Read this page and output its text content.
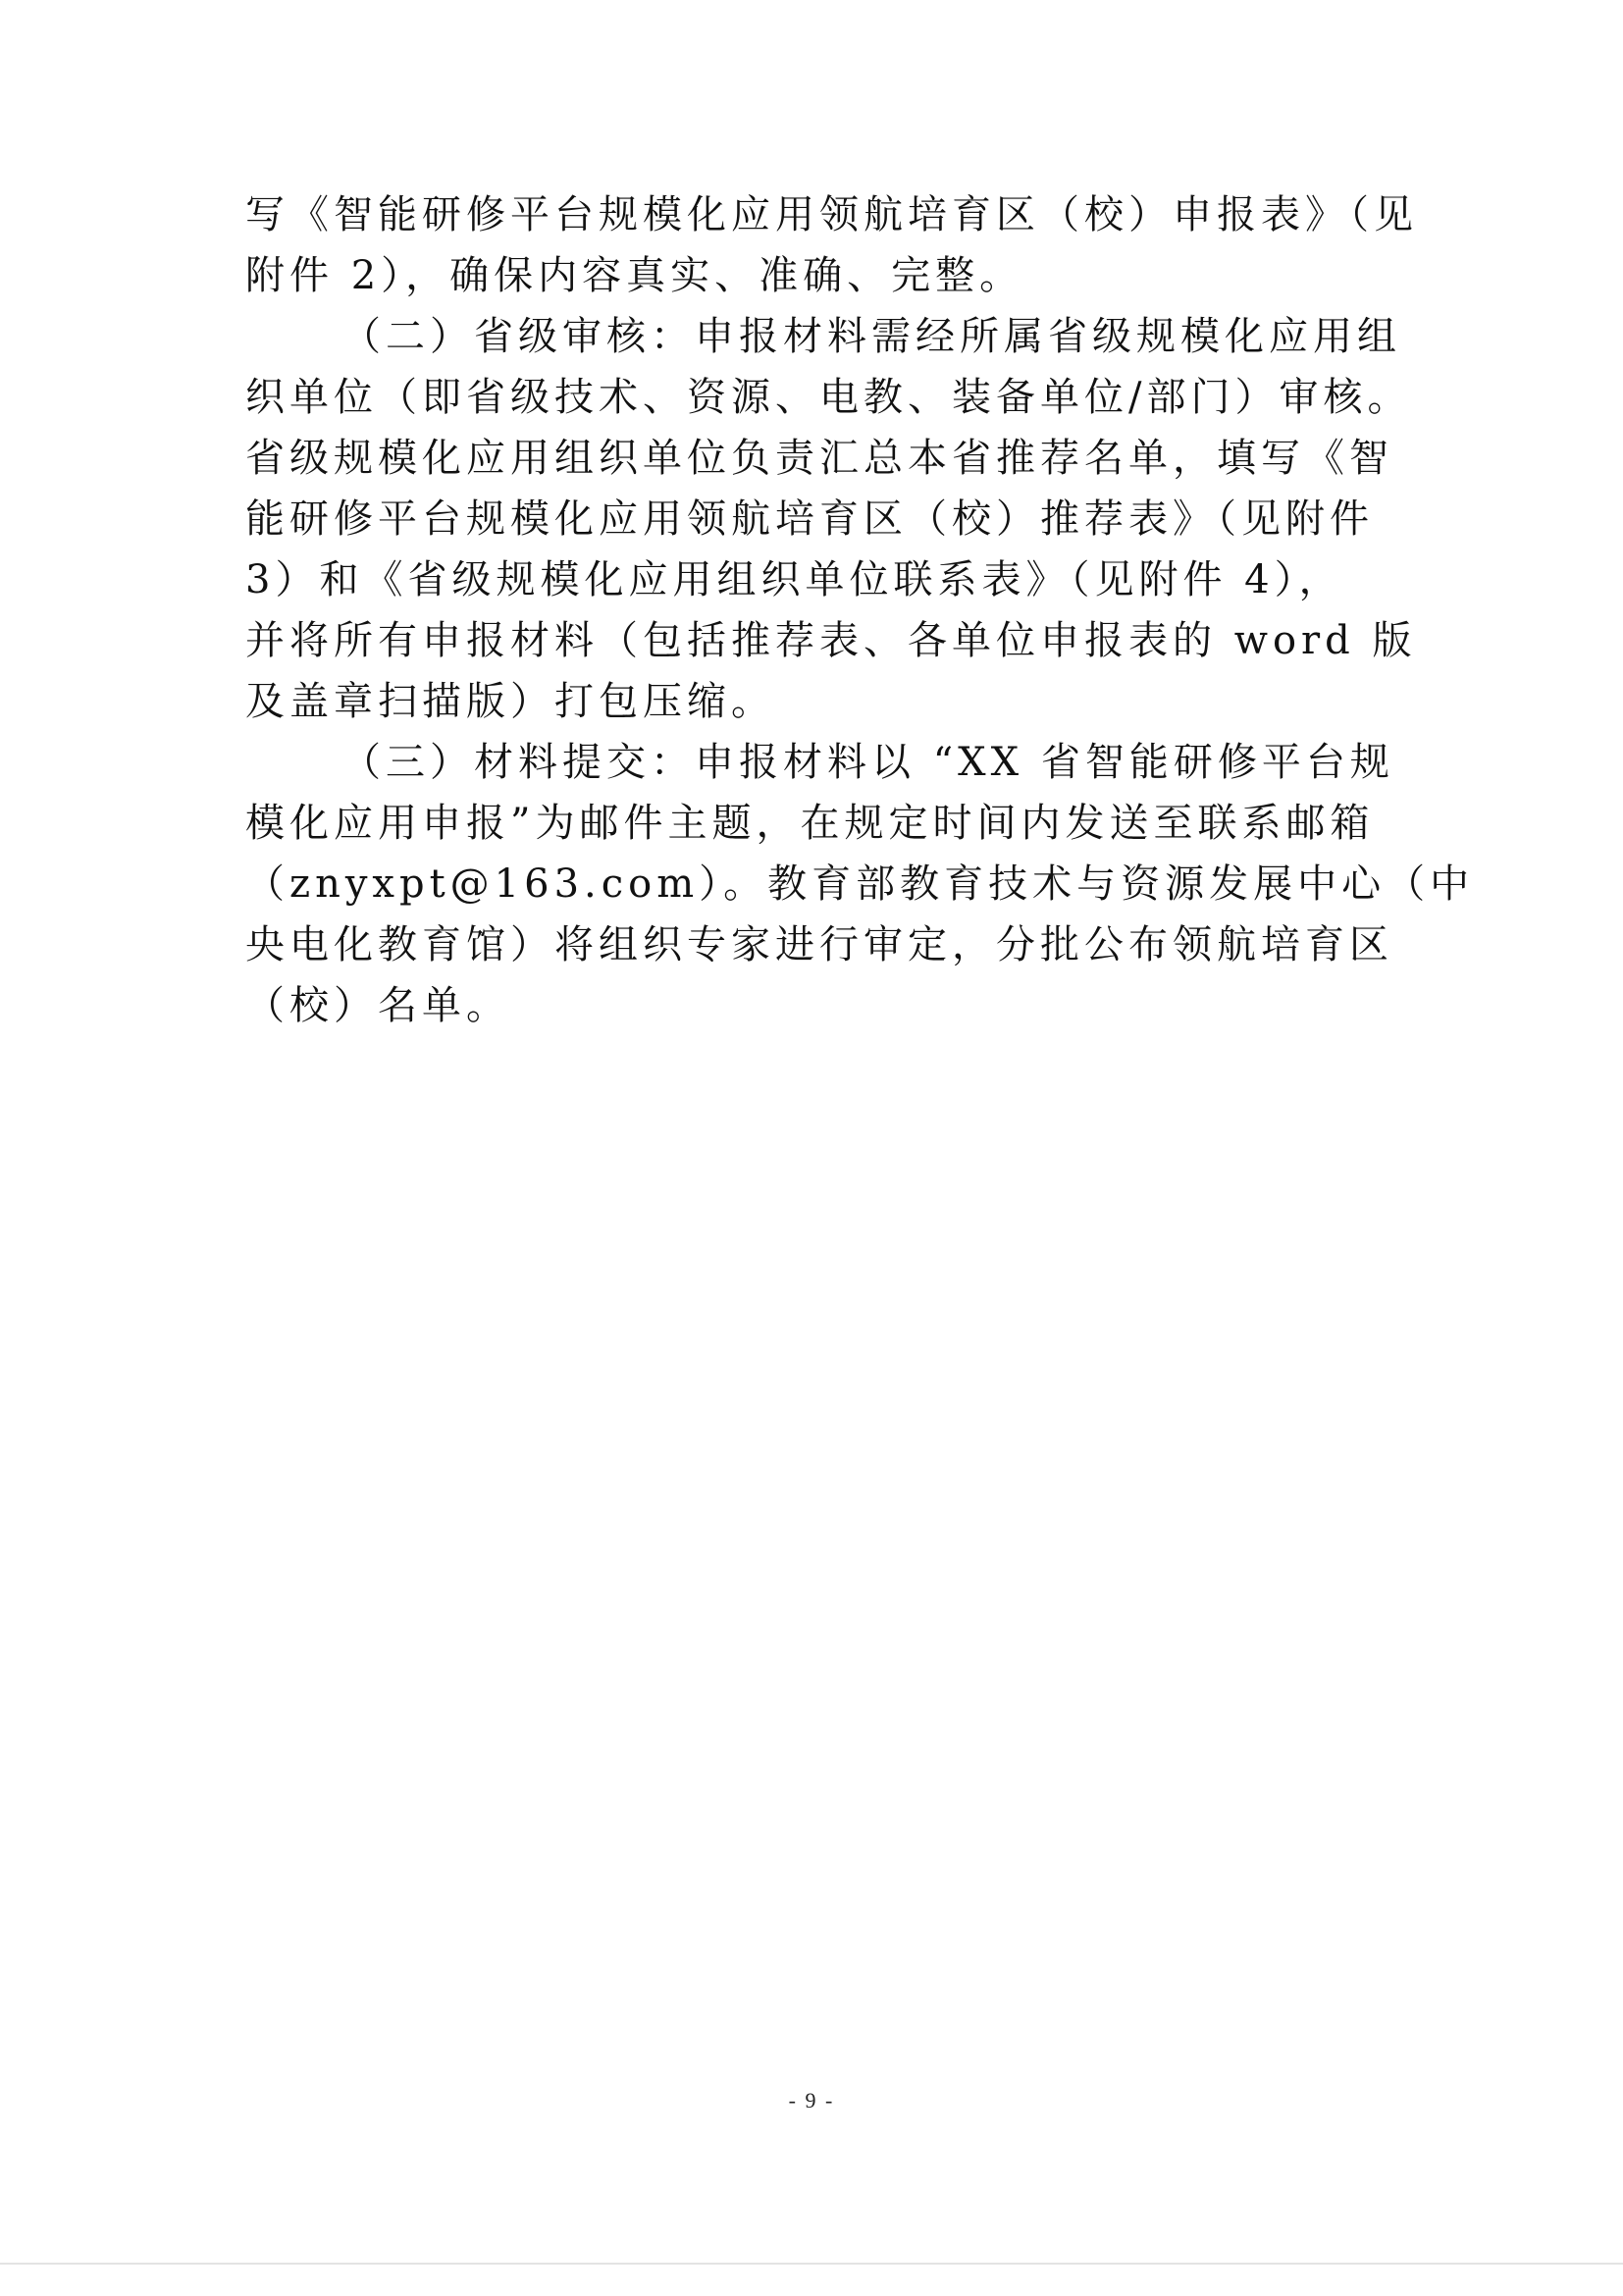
写《智能研修平台规模化应用领航培育区（校）申报表》（见
附件 2），确保内容真实、准确、完整。
（二）省级审核：申报材料需经所属省级规模化应用组
织单位（即省级技术、资源、电教、装备单位/部门）审核。
省级规模化应用组织单位负责汇总本省推荐名单，填写《智
能研修平台规模化应用领航培育区（校）推荐表》（见附件
3）和《省级规模化应用组织单位联系表》（见附件 4），
并将所有申报材料（包括推荐表、各单位申报表的 word 版
及盖章扫描版）打包压缩。
（三）材料提交：申报材料以 “XX 省智能研修平台规
模化应用申报”为邮件主题，在规定时间内发送至联系邮箱
（znyxpt@163.com）。教育部教育技术与资源发展中心（中
央电化教育馆）将组织专家进行审定，分批公布领航培育区
（校）名单。
- 9 -
